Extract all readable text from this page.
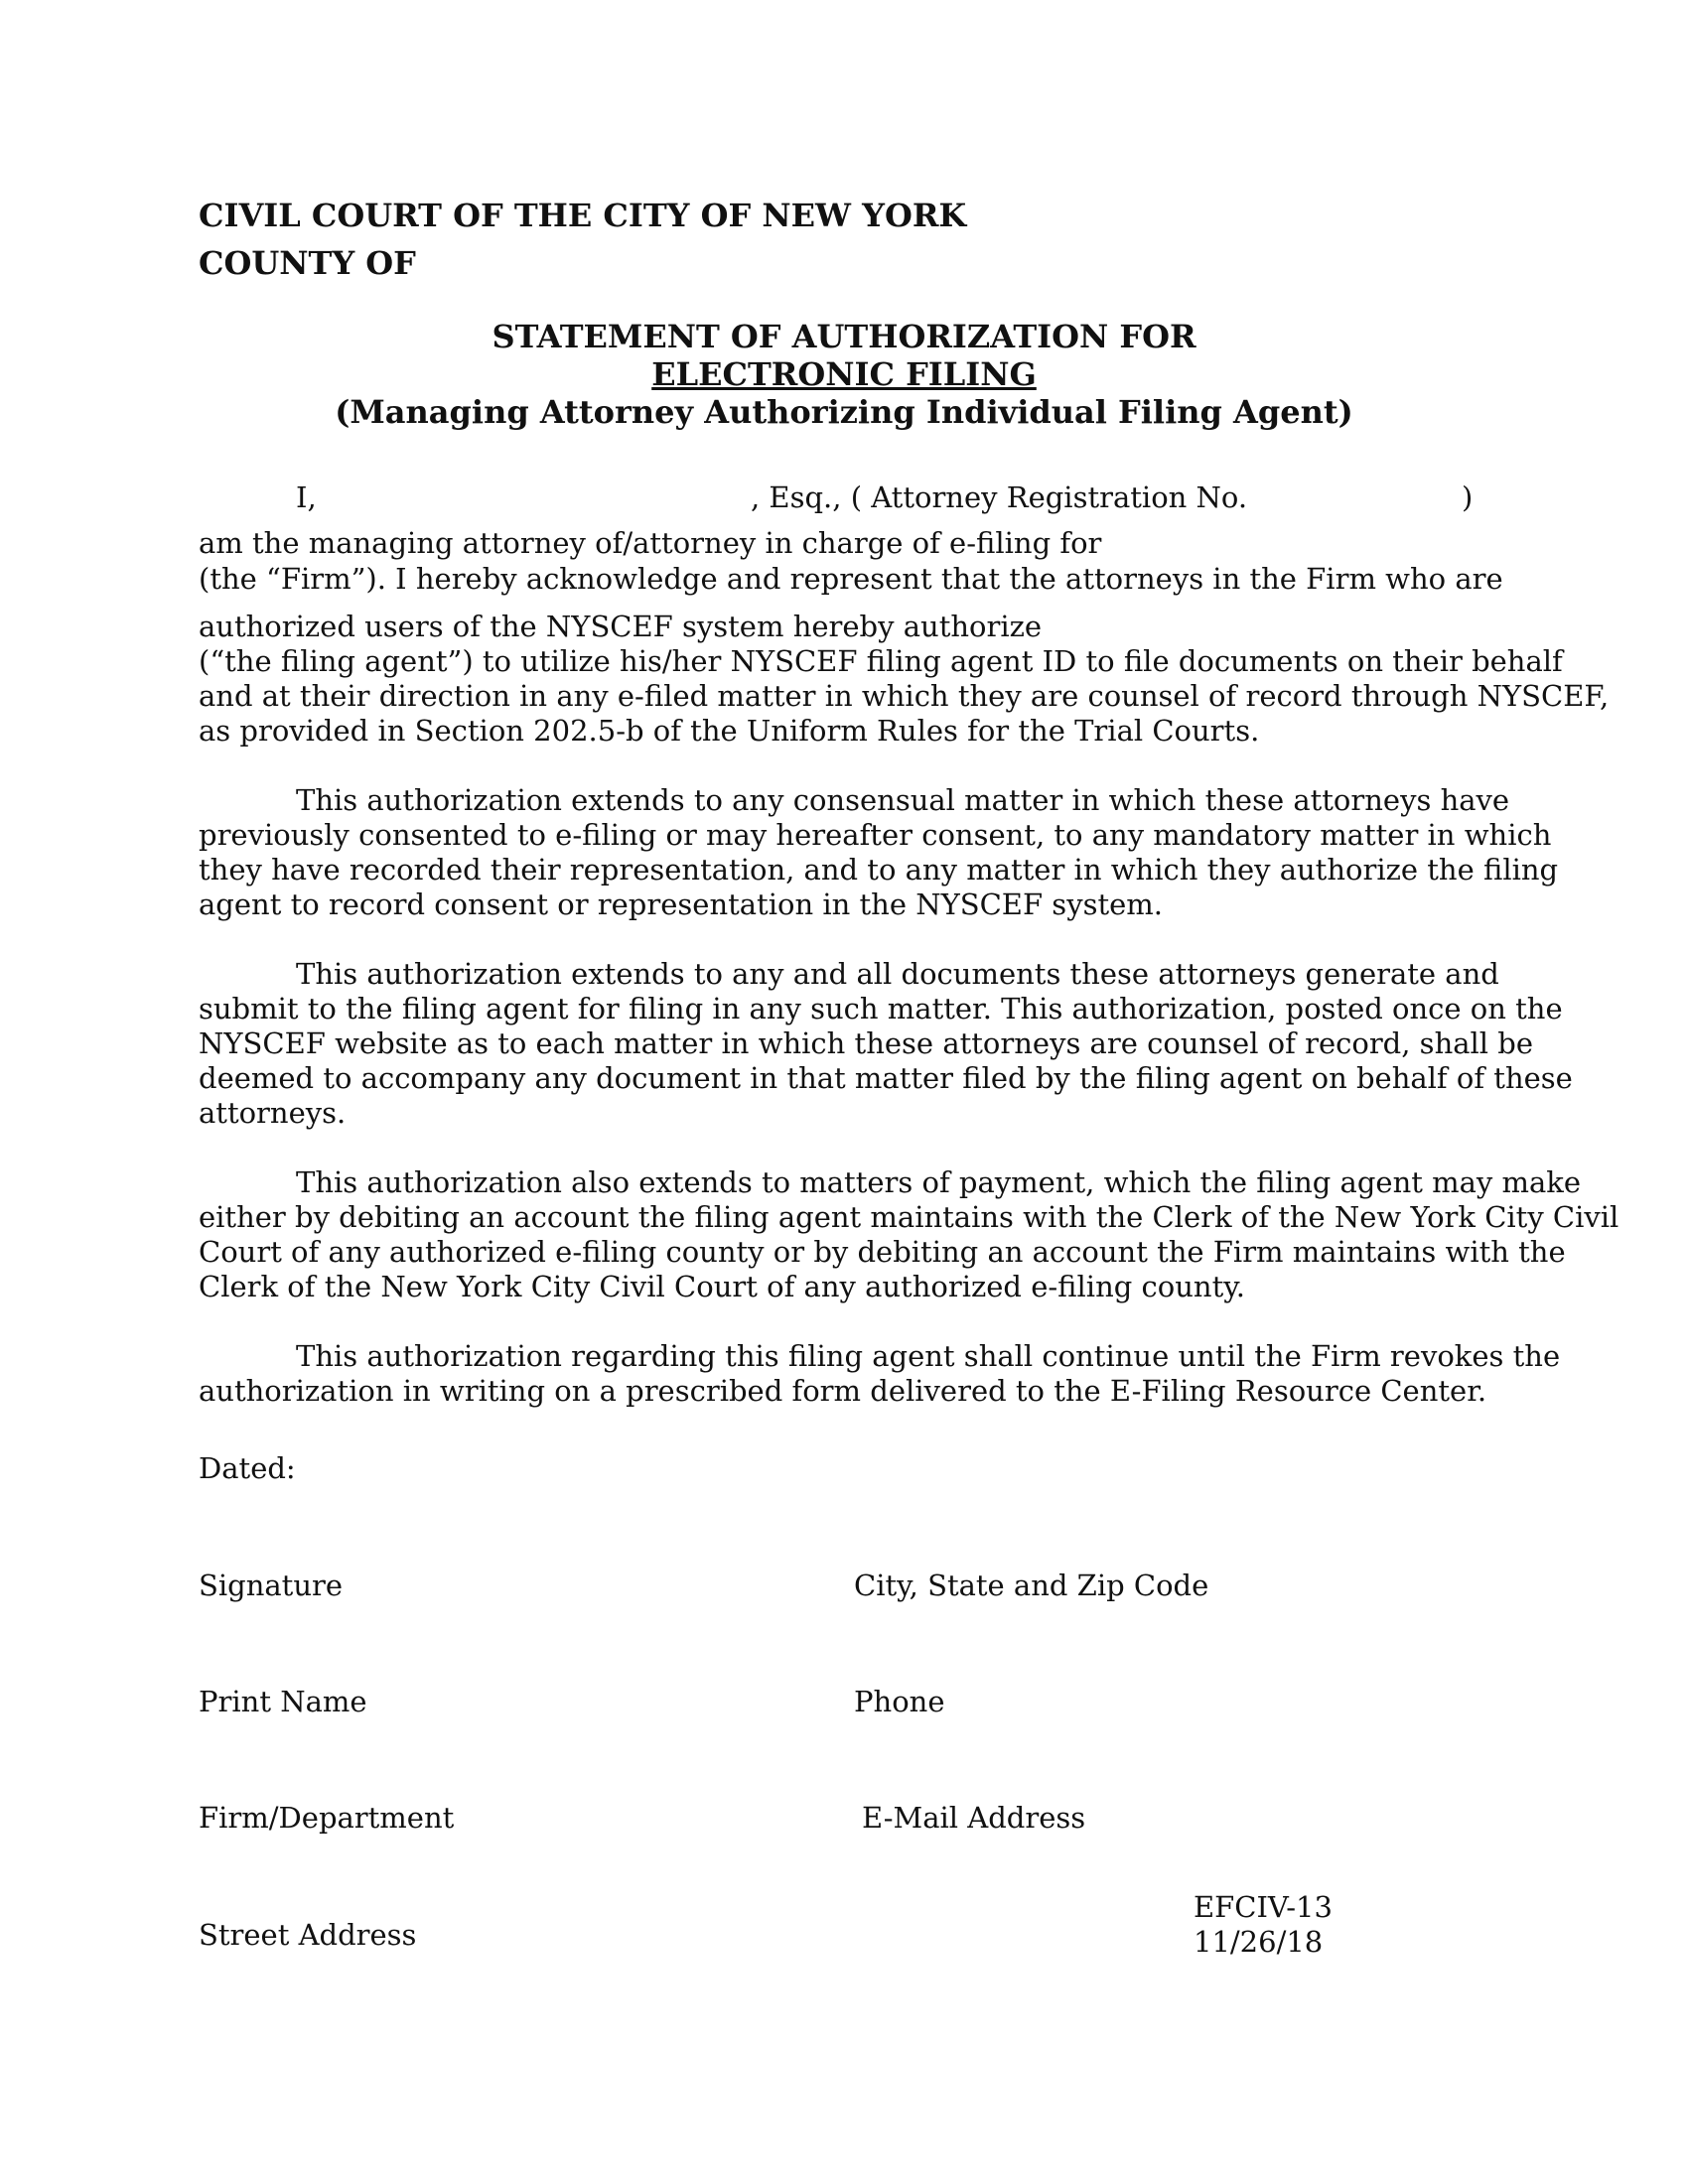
CIVIL COURT OF THE CITY OF NEW YORK

COUNTY OF

STATEMENT OF AUTHORIZATION FOR

ELECTRONIC FILING

(Managing Attorney Authorizing Individual Filing Agent)

I,	, Esq., ( Attorney Registration No.	)

am the managing attorney of/attorney in charge of e-filing for

(the “Firm”). I hereby acknowledge and represent that the attorneys in the Firm who are

authorized users of the NYSCEF system hereby authorize

(“the filing agent”) to utilize his/her NYSCEF filing agent ID to file documents on their behalf

and at their direction in any e-filed matter in which they are counsel of record through NYSCEF,

as provided in Section 202.5-b of the Uniform Rules for the Trial Courts.

This authorization extends to any consensual matter in which these attorneys have

previously consented to e-filing or may hereafter consent, to any mandatory matter in which

they have recorded their representation, and to any matter in which they authorize the filing

agent to record consent or representation in the NYSCEF system.

This authorization extends to any and all documents these attorneys generate and

submit to the filing agent for filing in any such matter. This authorization, posted once on the

NYSCEF website as to each matter in which these attorneys are counsel of record, shall be

deemed to accompany any document in that matter filed by the filing agent on behalf of these

attorneys.

This authorization also extends to matters of payment, which the filing agent may make

either by debiting an account the filing agent maintains with the Clerk of the New York City Civil

Court of any authorized e-filing county or by debiting an account the Firm maintains with the

Clerk of the New York City Civil Court of any authorized e-filing county.

This authorization regarding this filing agent shall continue until the Firm revokes the

authorization in writing on a prescribed form delivered to the E-Filing Resource Center.

Dated:

Signature	City, State and Zip Code

Print Name	Phone

Firm/Department	E-Mail Address

Street Address

EFCIV-13

11/26/18
